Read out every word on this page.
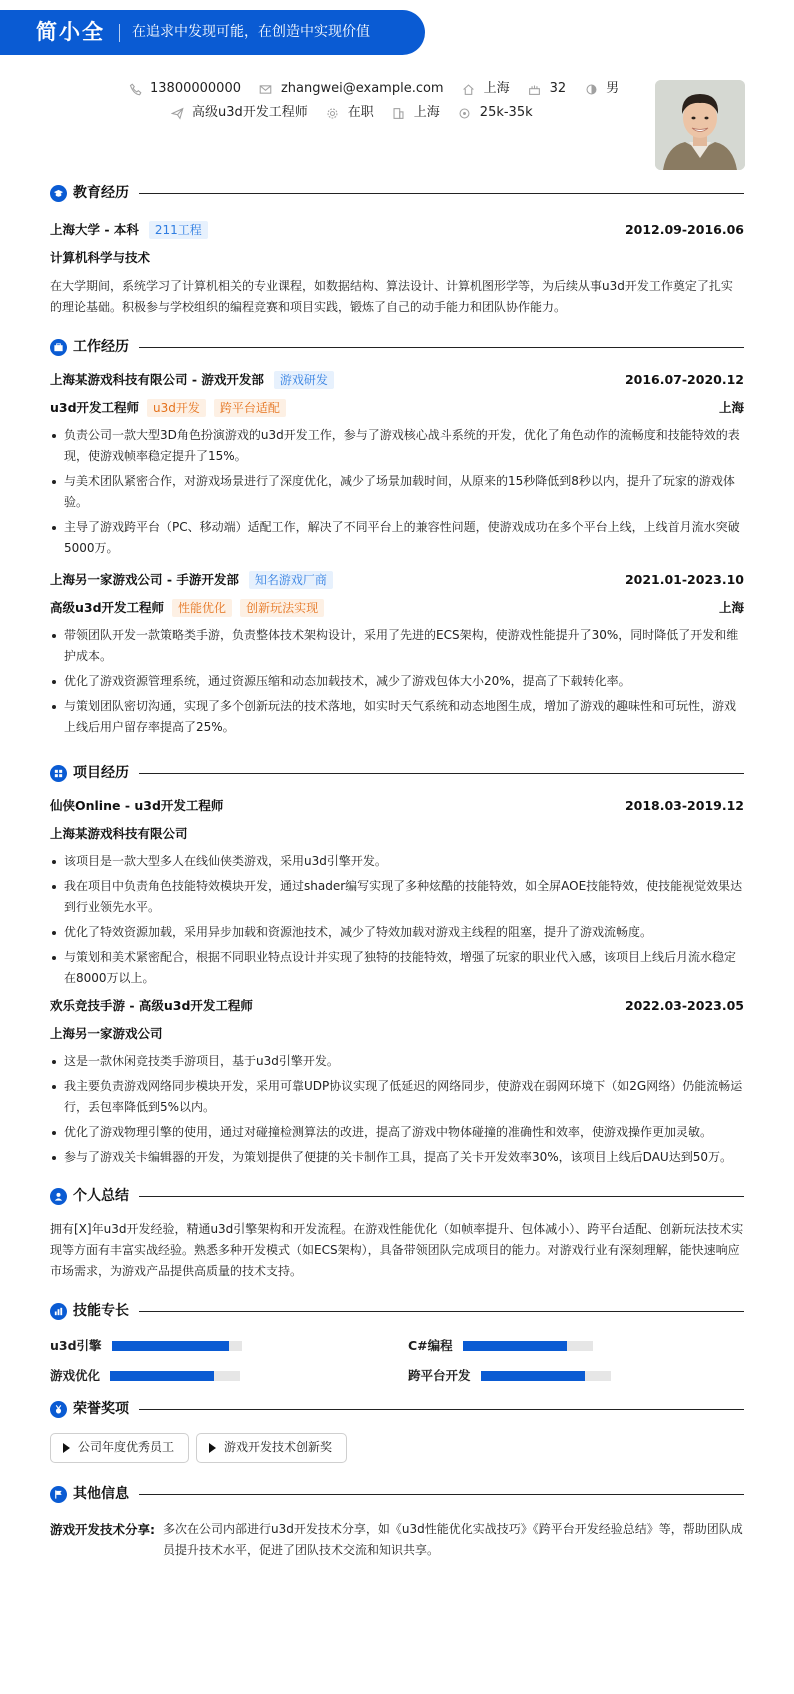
简小全 在追求中发现可能，在创造中实现价值
13800000000	zhangwei@example.com	上海	32	男
高级u3d开发工程师	在职	上海	25k-35k
教育经历
上海大学 - 本科	211工程	2012.09-2016.06
计算机科学与技术
在大学期间，系统学习了计算机相关的专业课程，如数据结构、算法设计、计算机图形学等，为后续从事u3d开发工作奠定了扎实的理论基础。积极参与学校组织的编程竞赛和项目实践，锻炼了自己的动手能力和团队协作能力。
工作经历
上海某游戏科技有限公司 - 游戏开发部	游戏研发	2016.07-2020.12
u3d开发工程师	u3d开发	跨平台适配	上海
负责公司一款大型3D角色扮演游戏的u3d开发工作，参与了游戏核心战斗系统的开发，优化了角色动作的流畅度和技能特效的表现，使游戏帧率稳定提升了15%。
与美术团队紧密合作，对游戏场景进行了深度优化，减少了场景加载时间，从原来的15秒降低到8秒以内，提升了玩家的游戏体验。
主导了游戏跨平台（PC、移动端）适配工作，解决了不同平台上的兼容性问题，使游戏成功在多个平台上线，上线首月流水突破5000万。
上海另一家游戏公司 - 手游开发部	知名游戏厂商	2021.01-2023.10
高级u3d开发工程师	性能优化	创新玩法实现	上海
带领团队开发一款策略类手游，负责整体技术架构设计，采用了先进的ECS架构，使游戏性能提升了30%，同时降低了开发和维护成本。
优化了游戏资源管理系统，通过资源压缩和动态加载技术，减少了游戏包体大小20%，提高了下载转化率。
与策划团队密切沟通，实现了多个创新玩法的技术落地，如实时天气系统和动态地图生成，增加了游戏的趣味性和可玩性，游戏上线后用户留存率提高了25%。
项目经历
仙侠Online - u3d开发工程师	2018.03-2019.12
上海某游戏科技有限公司
该项目是一款大型多人在线仙侠类游戏，采用u3d引擎开发。
我在项目中负责角色技能特效模块开发，通过shader编写实现了多种炫酷的技能特效，如全屏AOE技能特效，使技能视觉效果达到行业领先水平。
优化了特效资源加载，采用异步加载和资源池技术，减少了特效加载对游戏主线程的阻塞，提升了游戏流畅度。
与策划和美术紧密配合，根据不同职业特点设计并实现了独特的技能特效，增强了玩家的职业代入感，该项目上线后月流水稳定在8000万以上。
欢乐竞技手游 - 高级u3d开发工程师	2022.03-2023.05
上海另一家游戏公司
这是一款休闲竞技类手游项目，基于u3d引擎开发。
我主要负责游戏网络同步模块开发，采用可靠UDP协议实现了低延迟的网络同步，使游戏在弱网环境下（如2G网络）仍能流畅运行，丢包率降低到5%以内。
优化了游戏物理引擎的使用，通过对碰撞检测算法的改进，提高了游戏中物体碰撞的准确性和效率，使游戏操作更加灵敏。
参与了游戏关卡编辑器的开发，为策划提供了便捷的关卡制作工具，提高了关卡开发效率30%，该项目上线后DAU达到50万。
个人总结
拥有[X]年u3d开发经验，精通u3d引擎架构和开发流程。在游戏性能优化（如帧率提升、包体减小）、跨平台适配、创新玩法技术实现等方面有丰富实战经验。熟悉多种开发模式（如ECS架构），具备带领团队完成项目的能力。对游戏行业有深刻理解，能快速响应市场需求，为游戏产品提供高质量的技术支持。
技能专长
u3d引擎	C#编程
游戏优化	跨平台开发
荣誉奖项
公司年度优秀员工	游戏开发技术创新奖
其他信息
游戏开发技术分享: 多次在公司内部进行u3d开发技术分享，如《u3d性能优化实战技巧》《跨平台开发经验总结》等，帮助团队成员提升技术水平，促进了团队技术交流和知识共享。
